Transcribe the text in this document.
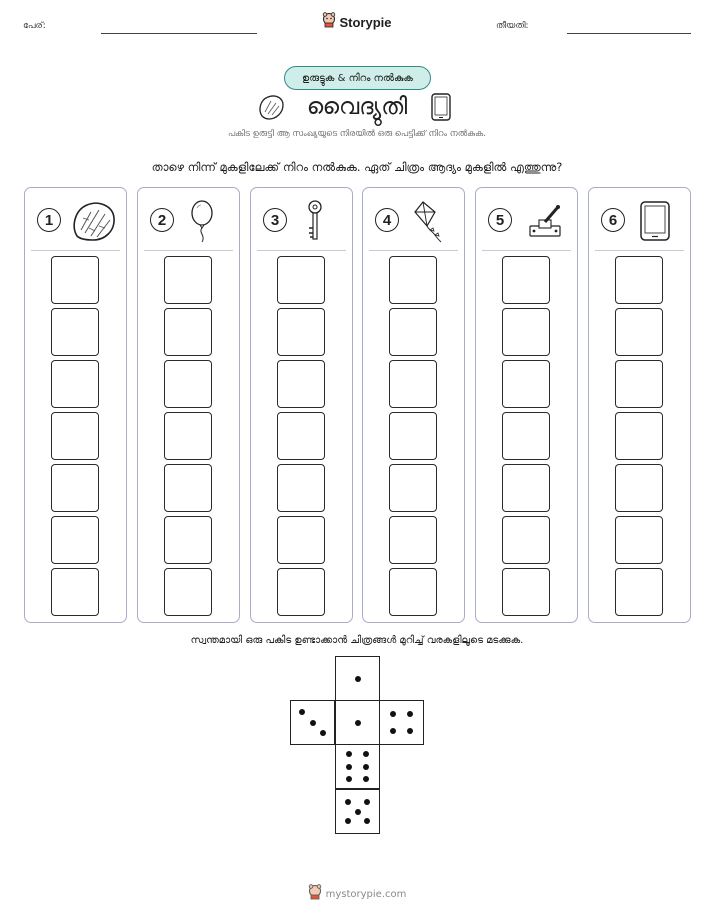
പേര്:	Storypie	തീയതി:
ഉരുട്ടുക & നിറം നൽകുക
വൈദ്യുതി
പകിട ഉരുട്ടി ആ സംഖ്യയുടെ നിരയിൽ ഒരു പെട്ടിക്ക് നിറം നൽകുക.
താഴെ നിന്ന് മുകളിലേക്ക് നിറം നൽകുക. ഏത് ചിത്രം ആദ്യം മുകളിൽ എത്തുന്നു?
1	2	3	4	5	6
സ്വന്തമായി ഒരു പകിട ഉണ്ടാക്കാൻ ചിത്രങ്ങൾ മുറിച്ച് വരകളിലൂടെ മടക്കുക.
mystorypie.com
